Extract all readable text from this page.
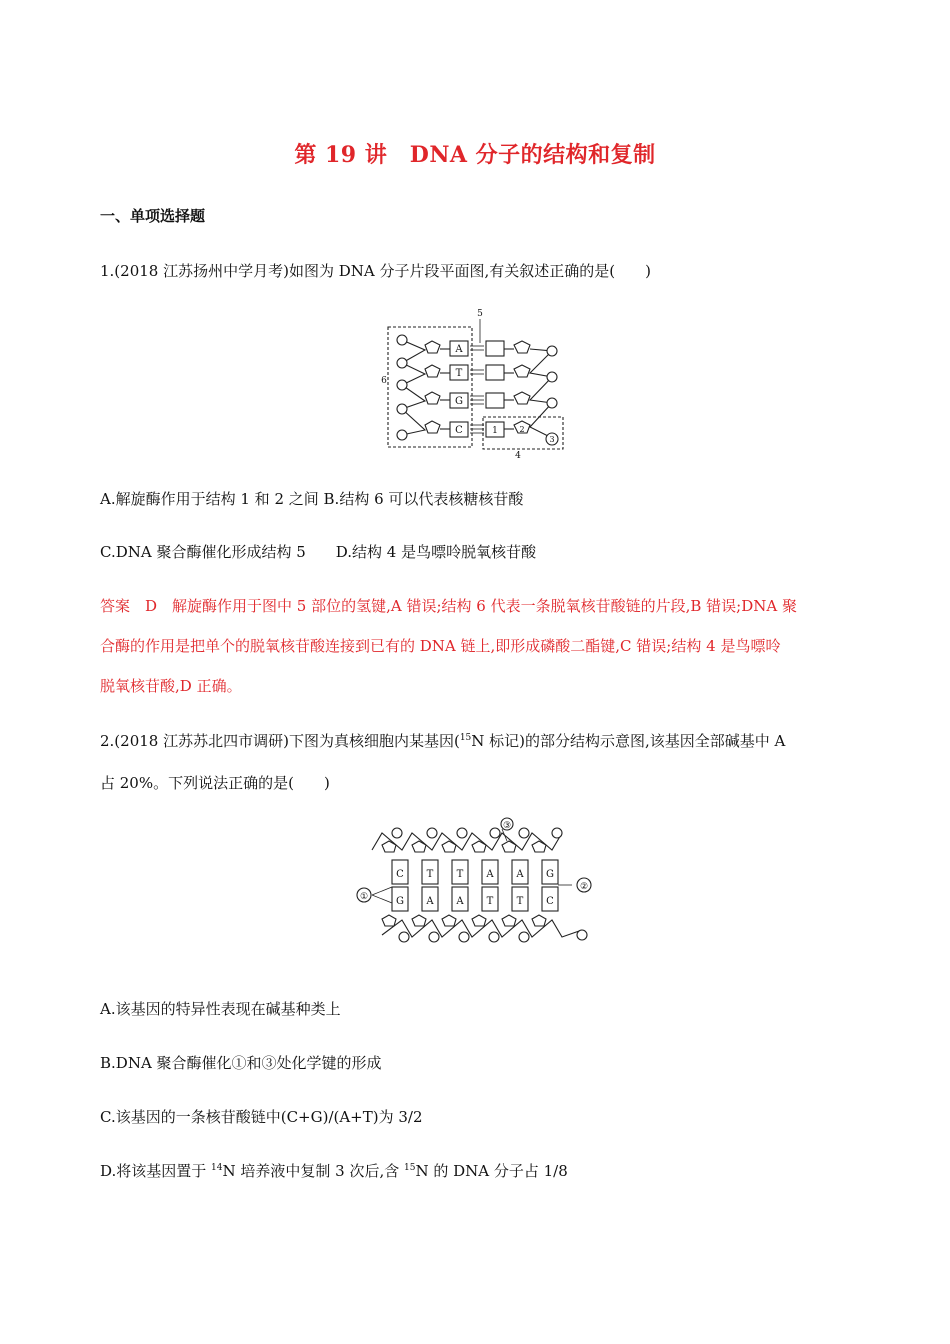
第 19 讲　DNA 分子的结构和复制
一、单项选择题
1.(2018 江苏扬州中学月考)如图为 DNA 分子片段平面图,有关叙述正确的是(　　)
A
T
G
C
5
6
4
1	2
3
A.解旋酶作用于结构 1 和 2 之间 B.结构 6 可以代表核糖核苷酸
C.DNA 聚合酶催化形成结构 5　　D.结构 4 是鸟嘌呤脱氧核苷酸
答案　D　解旋酶作用于图中 5 部位的氢键,A 错误;结构 6 代表一条脱氧核苷酸链的片段,B 错误;DNA 聚
合酶的作用是把单个的脱氧核苷酸连接到已有的 DNA 链上,即形成磷酸二酯键,C 错误;结构 4 是鸟嘌呤
脱氧核苷酸,D 正确。
2.(2018 江苏苏北四市调研)下图为真核细胞内某基因($^{15}$N 标记)的部分结构示意图,该基因全部碱基中 A
占 20%。下列说法正确的是(　　)
C T T A A G
G A A T T C
①
②
③
A.该基因的特异性表现在碱基种类上
B.DNA 聚合酶催化①和③处化学键的形成
C.该基因的一条核苷酸链中(C+G)/(A+T)为 3/2
D.将该基因置于 $^{14}$N 培养液中复制 3 次后,含 $^{15}$N 的 DNA 分子占 1/8
